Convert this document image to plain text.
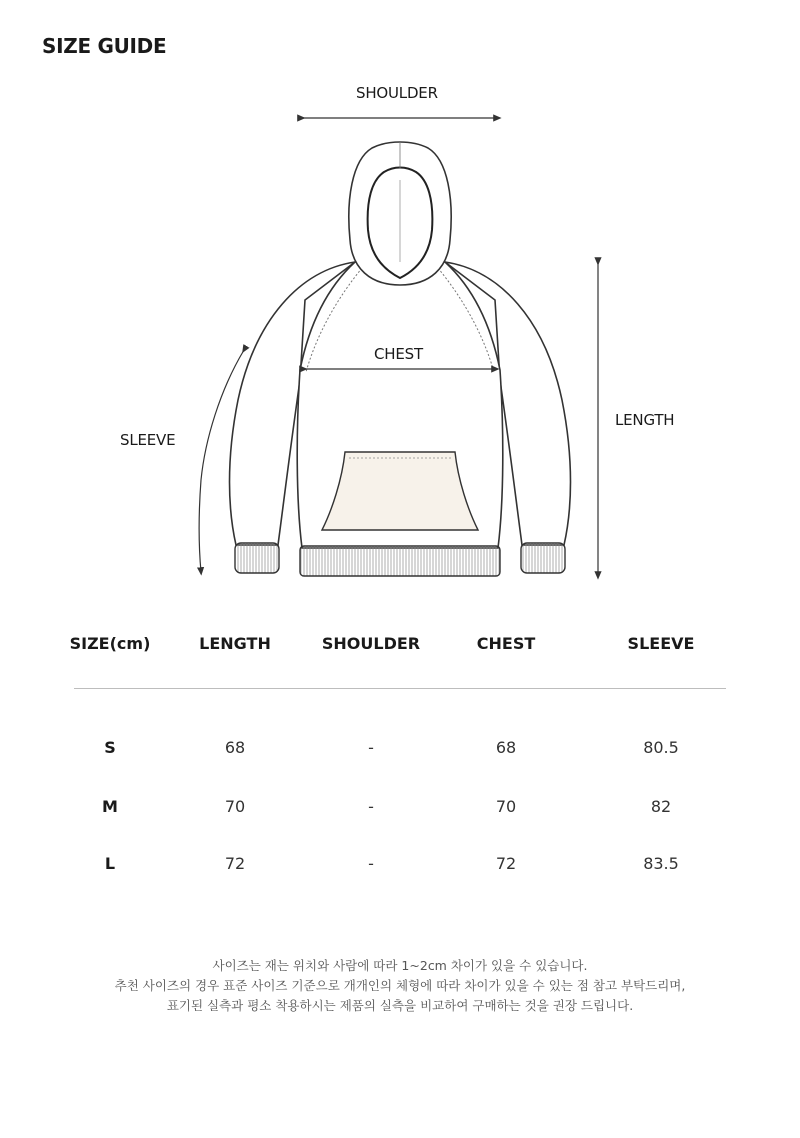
SIZE GUIDE
SHOULDER
CHEST
LENGTH
SLEEVE
SIZE(cm)	LENGTH	SHOULDER	CHEST	SLEEVE
S	68	-	68	80.5
M	70	-	70	82
L	72	-	72	83.5
사이즈는 재는 위치와 사람에 따라 1~2cm 차이가 있을 수 있습니다.
추천 사이즈의 경우 표준 사이즈 기준으로 개개인의 체형에 따라 차이가 있을 수 있는 점 참고 부탁드리며,
표기된 실측과 평소 착용하시는 제품의 실측을 비교하여 구매하는 것을 권장 드립니다.
